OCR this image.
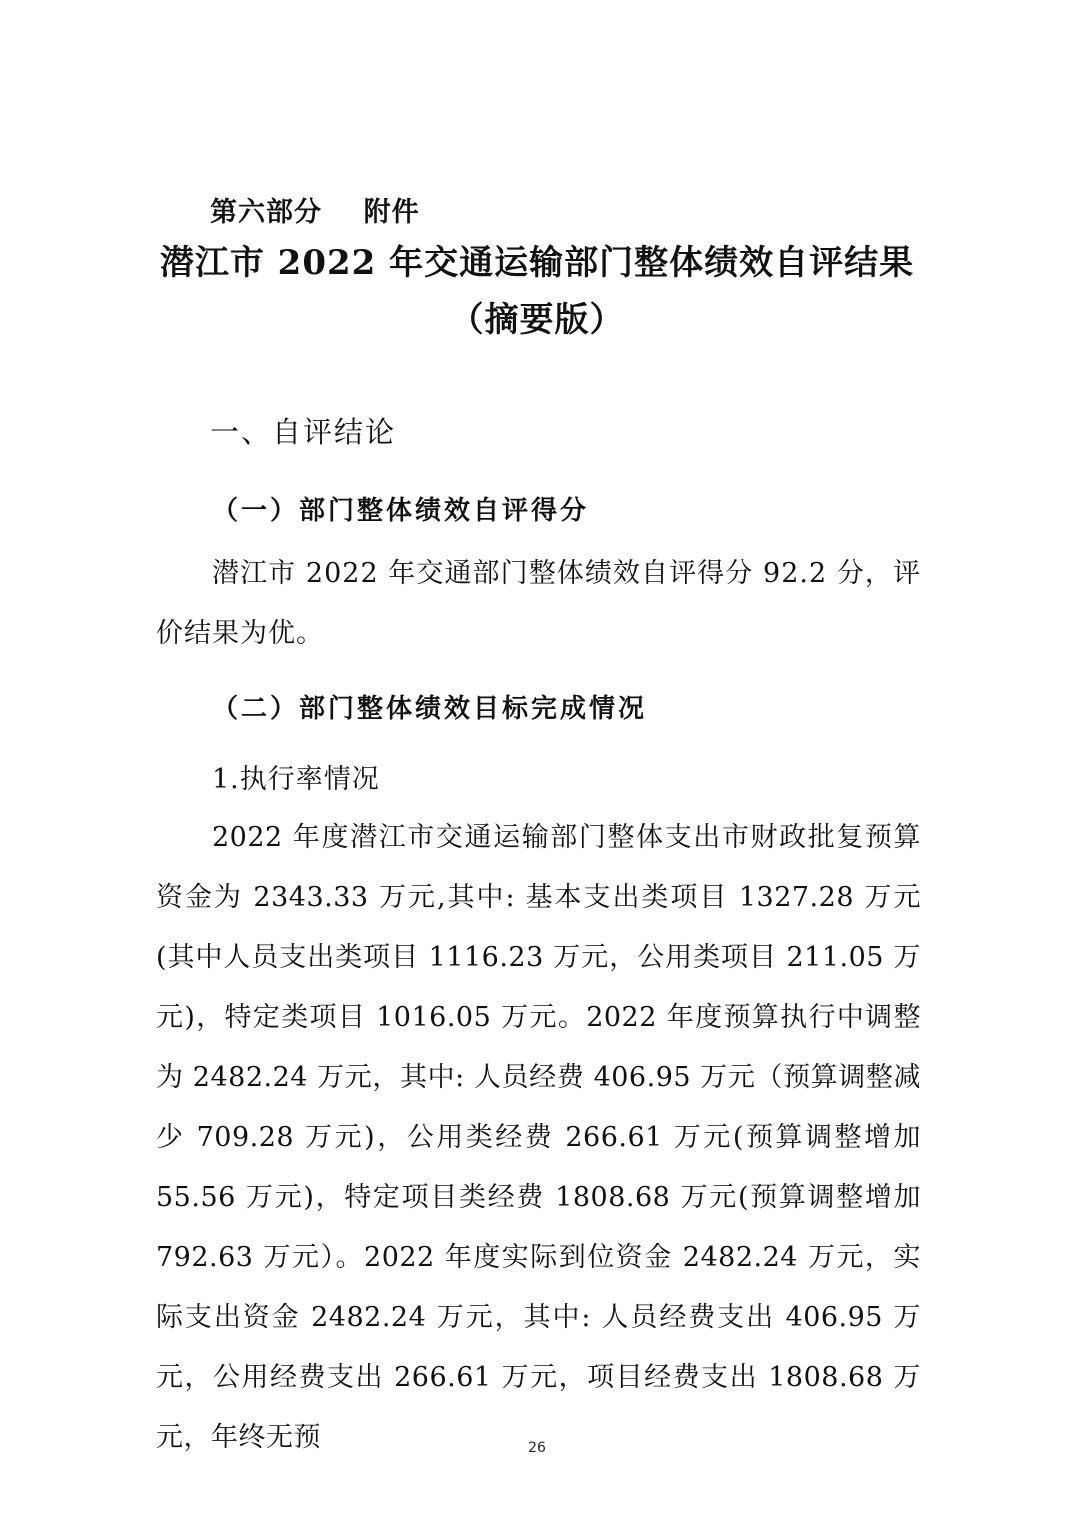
第六部分    附件
潜江市 2022 年交通运输部门整体绩效自评结果
（摘要版）
一、自评结论
（一）部门整体绩效自评得分
潜江市 2022 年交通部门整体绩效自评得分 92.2 分，评价结果为优。
（二）部门整体绩效目标完成情况
1.执行率情况
2022 年度潜江市交通运输部门整体支出市财政批复预算资金为 2343.33 万元,其中: 基本支出类项目 1327.28 万元(其中人员支出类项目 1116.23 万元，公用类项目 211.05 万元)，特定类项目 1016.05 万元。2022 年度预算执行中调整为 2482.24 万元，其中: 人员经费 406.95 万元（预算调整减少 709.28 万元)，公用类经费 266.61 万元(预算调整增加 55.56 万元)，特定项目类经费 1808.68 万元(预算调整增加 792.63 万元）。2022 年度实际到位资金 2482.24 万元，实际支出资金 2482.24 万元，其中: 人员经费支出 406.95 万元，公用经费支出 266.61 万元，项目经费支出 1808.68 万元，年终无预	26
